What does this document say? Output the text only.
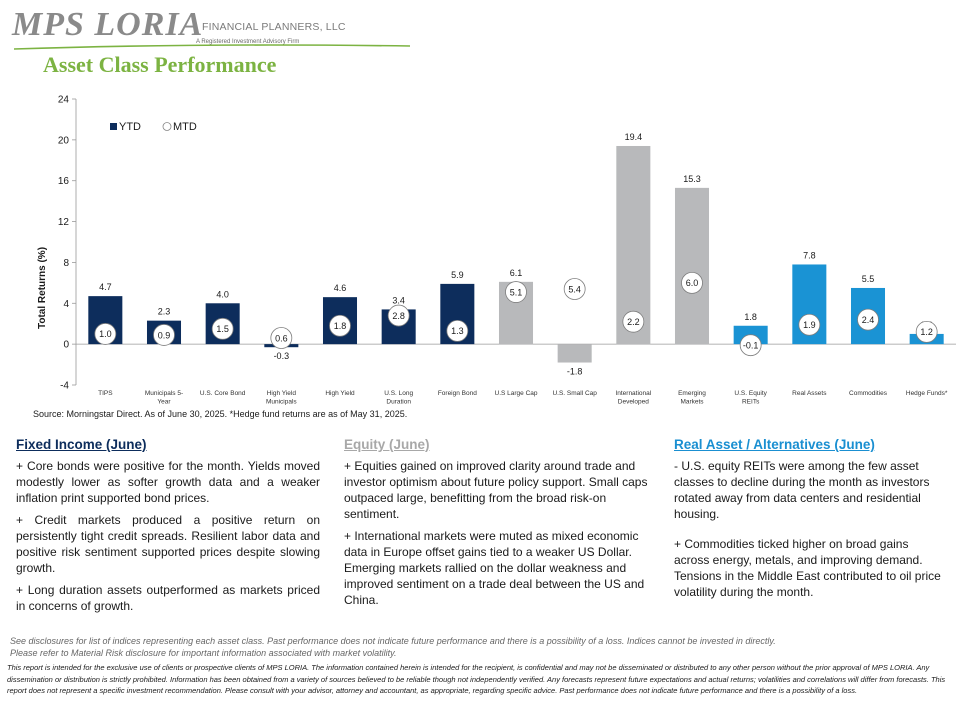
MPS LORIA
FINANCIAL PLANNERS, LLC
A Registered Investment Advisory Firm
Asset Class Performance
-4
0
4
8
12
16
20
24
TIPS	Municipals 5-
Year
U.S. Core Bond	High Yield
Municipals
High Yield	U.S. Long
Duration
Foreign Bond	U.S Large Cap U.S. Small Cap	International
Developed
Emerging
Markets
U.S. Equity
REITs
Real Assets	Commodities	Hedge Funds*
4.7
1.0
2.3
0.9
4.0
1.5
-0.3
0.6
4.6
1.8
3.4
2.8
5.9
1.3
6.1
5.1
-1.8
5.4
19.4
2.2
15.3
6.0
1.8
-0.1
7.8
1.9
5.5
2.4
1.2
Total Returns (%)
YTD	MTD
Source: Morningstar Direct. As of June 30, 2025. *Hedge fund returns are as of May 31, 2025.
Fixed Income (June)

+ Core bonds were positive for the month. Yields moved modestly lower as softer growth data and a weaker inflation print supported bond prices.

+ Credit markets produced a positive return on persistently tight credit spreads. Resilient labor data and positive risk sentiment supported prices despite slowing growth.

+ Long duration assets outperformed as markets priced in concerns of growth.

Equity (June)

+ Equities gained on improved clarity around trade and investor optimism about future policy support. Small caps outpaced large, benefitting from the broad risk-on sentiment.

+ International markets were muted as mixed economic data in Europe offset gains tied to a weaker US Dollar. Emerging markets rallied on the dollar weakness and improved sentiment on a trade deal between the US and China.

Real Asset / Alternatives (June)

- U.S. equity REITs were among the few asset classes to decline during the month as investors rotated away from data centers and residential housing.

+ Commodities ticked higher on broad gains across energy, metals, and improving demand. Tensions in the Middle East contributed to oil price volatility during the month.

See disclosures for list of indices representing each asset class. Past performance does not indicate future performance and there is a possibility of a loss. Indices cannot be invested in directly.
Please refer to Material Risk disclosure for important information associated with market volatility.
This report is intended for the exclusive use of clients or prospective clients of MPS LORIA. The information contained herein is intended for the recipient, is confidential and may not be disseminated or distributed to any other person without the prior approval of MPS LORIA. Any dissemination or distribution is strictly prohibited. Information has been obtained from a variety of sources believed to be reliable though not independently verified. Any forecasts represent future expectations and actual returns; volatilities and correlations will differ from forecasts. This report does not represent a specific investment recommendation. Please consult with your advisor, attorney and accountant, as appropriate, regarding specific advice. Past performance does not indicate future performance and there is a possibility of a loss.
